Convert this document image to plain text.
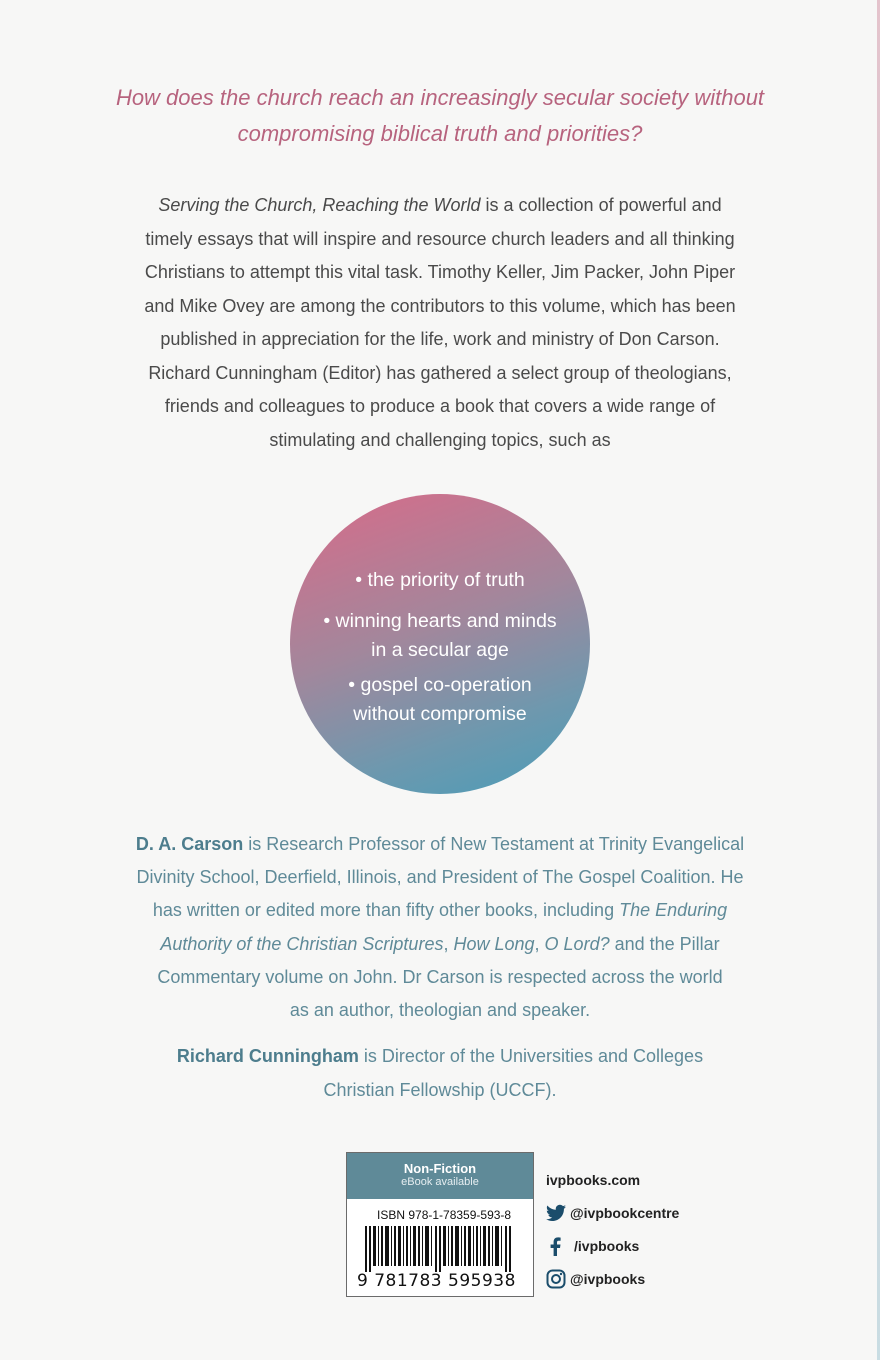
How does the church reach an increasingly secular society without
compromising biblical truth and priorities?
Serving the Church, Reaching the World is a collection of powerful and
timely essays that will inspire and resource church leaders and all thinking
Christians to attempt this vital task. Timothy Keller, Jim Packer, John Piper
and Mike Ovey are among the contributors to this volume, which has been
published in appreciation for the life, work and ministry of Don Carson.
Richard Cunningham (Editor) has gathered a select group of theologians,
friends and colleagues to produce a book that covers a wide range of
stimulating and challenging topics, such as
• the priority of truth
• winning hearts and minds
in a secular age
• gospel co-operation
without compromise
D. A. Carson is Research Professor of New Testament at Trinity Evangelical
Divinity School, Deerfield, Illinois, and President of The Gospel Coalition. He
has written or edited more than fifty other books, including The Enduring
Authority of the Christian Scriptures, How Long, O Lord? and the Pillar
Commentary volume on John. Dr Carson is respected across the world
as an author, theologian and speaker.
Richard Cunningham is Director of the Universities and Colleges
Christian Fellowship (UCCF).
Non-Fiction
eBook available
ISBN 978-1-78359-593-8
9 781783 595938
ivpbooks.com
@ivpbookcentre
/ivpbooks
@ivpbooks
